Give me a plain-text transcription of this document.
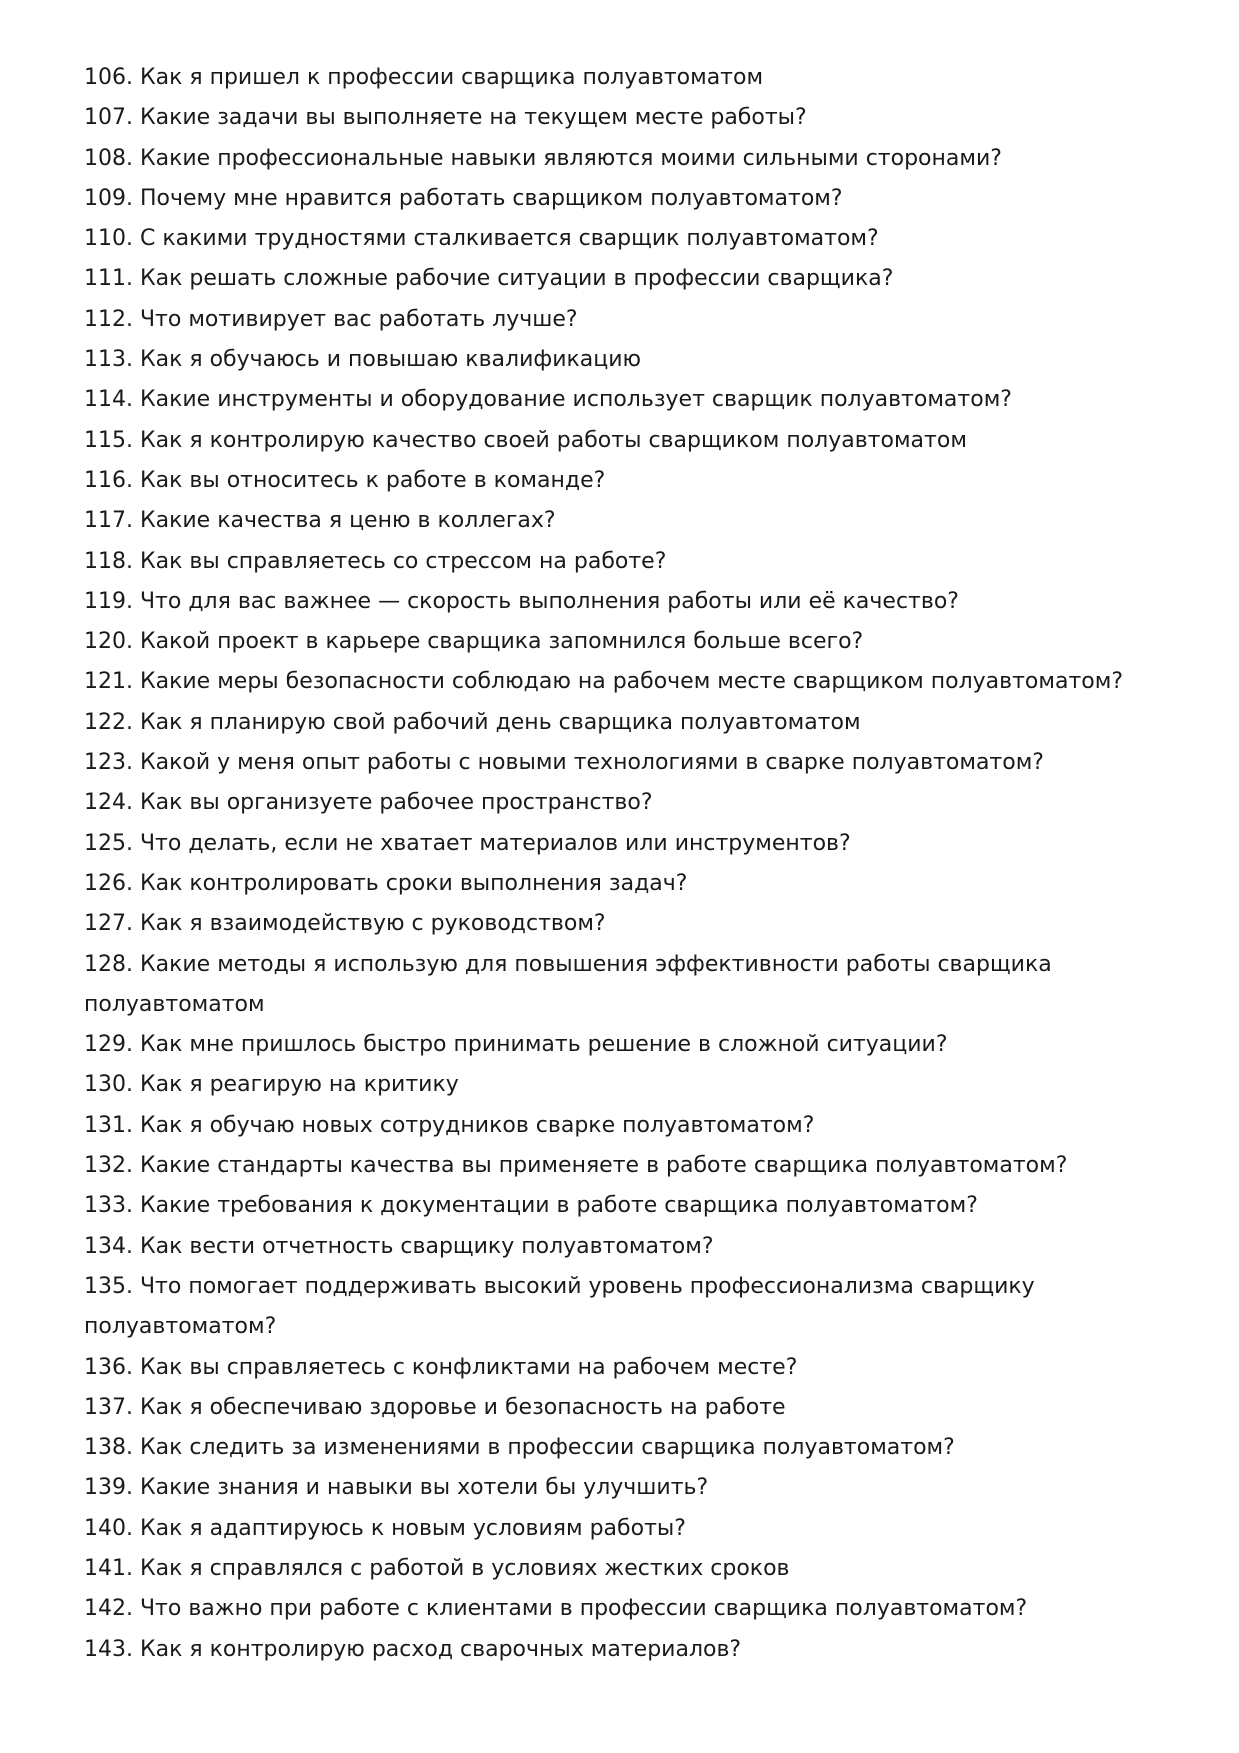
106. Как я пришел к профессии сварщика полуавтоматом
107. Какие задачи вы выполняете на текущем месте работы?
108. Какие профессиональные навыки являются моими сильными сторонами?
109. Почему мне нравится работать сварщиком полуавтоматом?
110. С какими трудностями сталкивается сварщик полуавтоматом?
111. Как решать сложные рабочие ситуации в профессии сварщика?
112. Что мотивирует вас работать лучше?
113. Как я обучаюсь и повышаю квалификацию
114. Какие инструменты и оборудование использует сварщик полуавтоматом?
115. Как я контролирую качество своей работы сварщиком полуавтоматом
116. Как вы относитесь к работе в команде?
117. Какие качества я ценю в коллегах?
118. Как вы справляетесь со стрессом на работе?
119. Что для вас важнее — скорость выполнения работы или её качество?
120. Какой проект в карьере сварщика запомнился больше всего?
121. Какие меры безопасности соблюдаю на рабочем месте сварщиком полуавтоматом?
122. Как я планирую свой рабочий день сварщика полуавтоматом
123. Какой у меня опыт работы с новыми технологиями в сварке полуавтоматом?
124. Как вы организуете рабочее пространство?
125. Что делать, если не хватает материалов или инструментов?
126. Как контролировать сроки выполнения задач?
127. Как я взаимодействую с руководством?
128. Какие методы я использую для повышения эффективности работы сварщика полуавтоматом
129. Как мне пришлось быстро принимать решение в сложной ситуации?
130. Как я реагирую на критику
131. Как я обучаю новых сотрудников сварке полуавтоматом?
132. Какие стандарты качества вы применяете в работе сварщика полуавтоматом?
133. Какие требования к документации в работе сварщика полуавтоматом?
134. Как вести отчетность сварщику полуавтоматом?
135. Что помогает поддерживать высокий уровень профессионализма сварщику полуавтоматом?
136. Как вы справляетесь с конфликтами на рабочем месте?
137. Как я обеспечиваю здоровье и безопасность на работе
138. Как следить за изменениями в профессии сварщика полуавтоматом?
139. Какие знания и навыки вы хотели бы улучшить?
140. Как я адаптируюсь к новым условиям работы?
141. Как я справлялся с работой в условиях жестких сроков
142. Что важно при работе с клиентами в профессии сварщика полуавтоматом?
143. Как я контролирую расход сварочных материалов?
